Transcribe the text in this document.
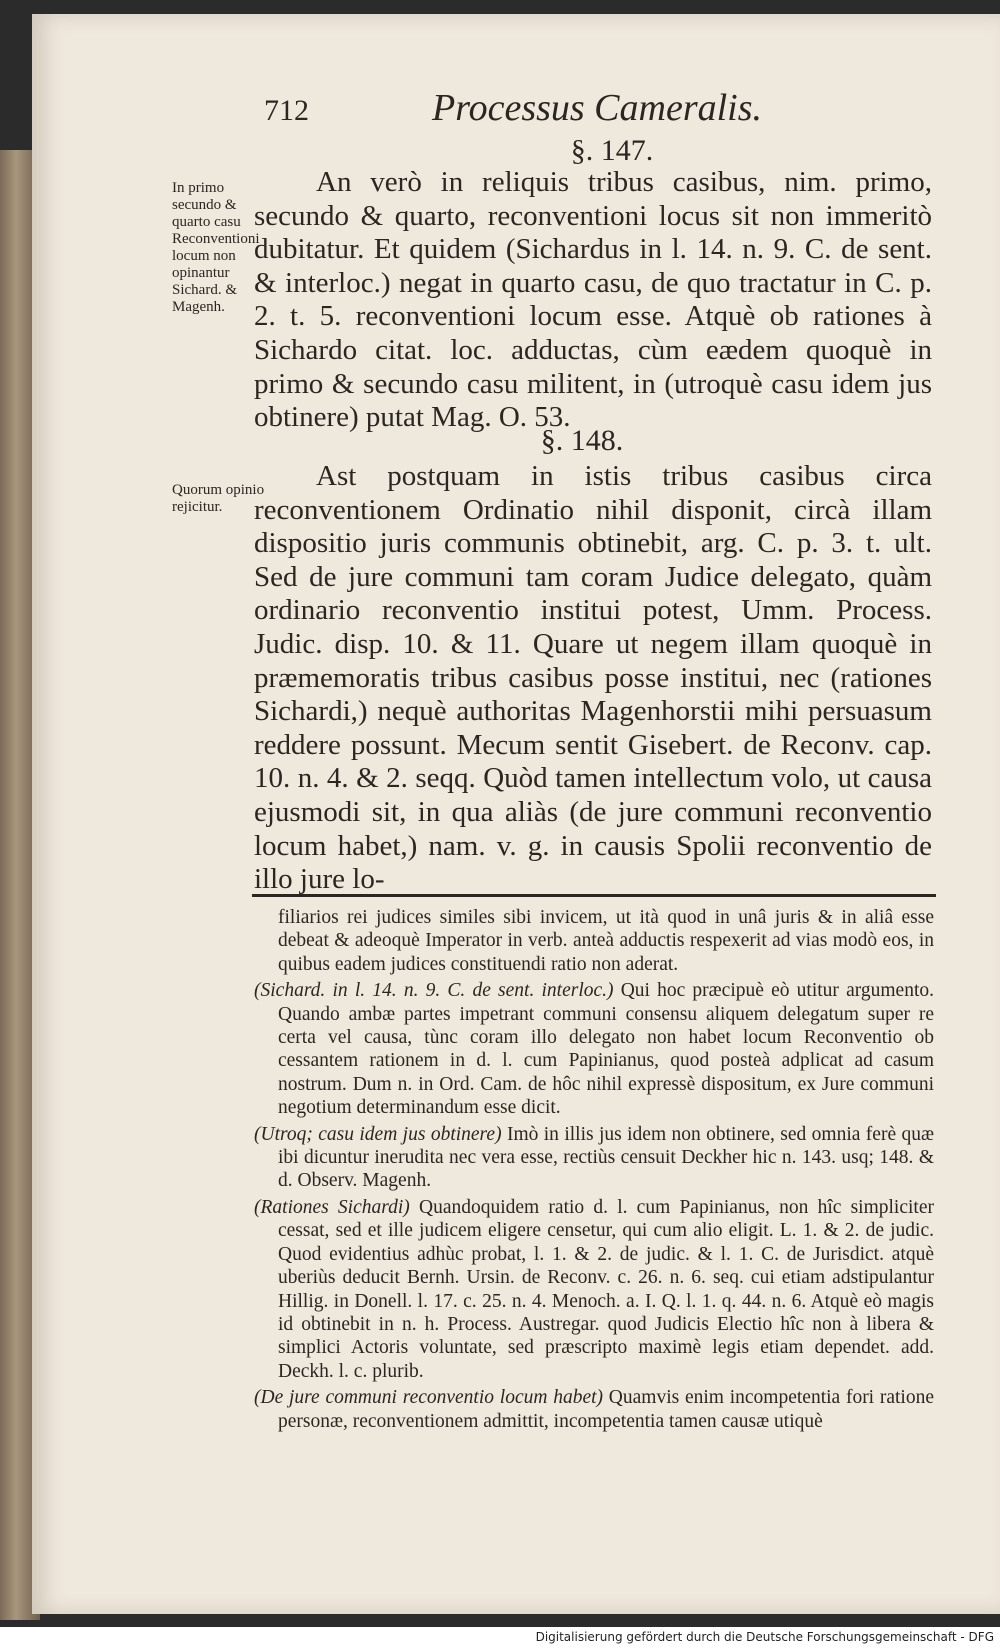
712	Processus Cameralis.
§. 147.
In primo secundo & quarto casu Reconventioni locum non opinantur Sichard. & Magenh.
An verò in reliquis tribus casibus, nim. primo, secundo & quarto, reconventioni locus sit non immeritò dubitatur. Et quidem (Sichardus in l. 14. n. 9. C. de sent. & interloc.) negat in quarto casu, de quo tractatur in C. p. 2. t. 5. reconventioni locum esse. Atquè ob rationes à Sichardo citat. loc. adductas, cùm eædem quoquè in primo & secundo casu militent, in (utroquè casu idem jus obtinere) putat Mag. O. 53.
§. 148.
Quorum opinio rejicitur.
Ast postquam in istis tribus casibus circa reconventionem Ordinatio nihil disponit, circà illam dispositio juris communis obtinebit, arg. C. p. 3. t. ult. Sed de jure communi tam coram Judice delegato, quàm ordinario reconventio institui potest, Umm. Process. Judic. disp. 10. & 11. Quare ut negem illam quoquè in præmemoratis tribus casibus posse institui, nec (rationes Sichardi,) nequè authoritas Magenhorstii mihi persuasum reddere possunt. Mecum sentit Gisebert. de Reconv. cap. 10. n. 4. & 2. seqq. Quòd tamen intellectum volo, ut causa ejusmodi sit, in qua aliàs (de jure communi reconventio locum habet,) nam. v. g. in causis Spolii reconventio de illo jure lo-

filiarios rei judices similes sibi invicem, ut ità quod in unâ juris & in aliâ esse debeat & adeoquè Imperator in verb. anteà adductis respexerit ad vias modò eos, in quibus eadem judices constituendi ratio non aderat.

(Sichard. in l. 14. n. 9. C. de sent. interloc.) Qui hoc præcipuè eò utitur argumento. Quando ambæ partes impetrant communi consensu aliquem delegatum super re certa vel causa, tùnc coram illo delegato non habet locum Reconventio ob cessantem rationem in d. l. cum Papinianus, quod posteà adplicat ad casum nostrum. Dum n. in Ord. Cam. de hôc nihil expressè dispositum, ex Jure communi negotium determinandum esse dicit.

(Utroq; casu idem jus obtinere) Imò in illis jus idem non obtinere, sed omnia ferè quæ ibi dicuntur inerudita nec vera esse, rectiùs censuit Deckher hic n. 143. usq; 148. & d. Observ. Magenh.

(Rationes Sichardi) Quandoquidem ratio d. l. cum Papinianus, non hîc simpliciter cessat, sed et ille judicem eligere censetur, qui cum alio eligit. L. 1. & 2. de judic. Quod evidentius adhùc probat, l. 1. & 2. de judic. & l. 1. C. de Jurisdict. atquè uberiùs deducit Bernh. Ursin. de Reconv. c. 26. n. 6. seq. cui etiam adstipulantur Hillig. in Donell. l. 17. c. 25. n. 4. Menoch. a. I. Q. l. 1. q. 44. n. 6. Atquè eò magis id obtinebit in n. h. Process. Austregar. quod Judicis Electio hîc non à libera & simplici Actoris voluntate, sed præscripto maximè legis etiam dependet. add. Deckh. l. c. plurib.

(De jure communi reconventio locum habet) Quamvis enim incompetentia fori ratione personæ, reconventionem admittit, incompetentia tamen causæ utiquè

Digitalisierung gefördert durch die Deutsche Forschungsgemeinschaft - DFG
